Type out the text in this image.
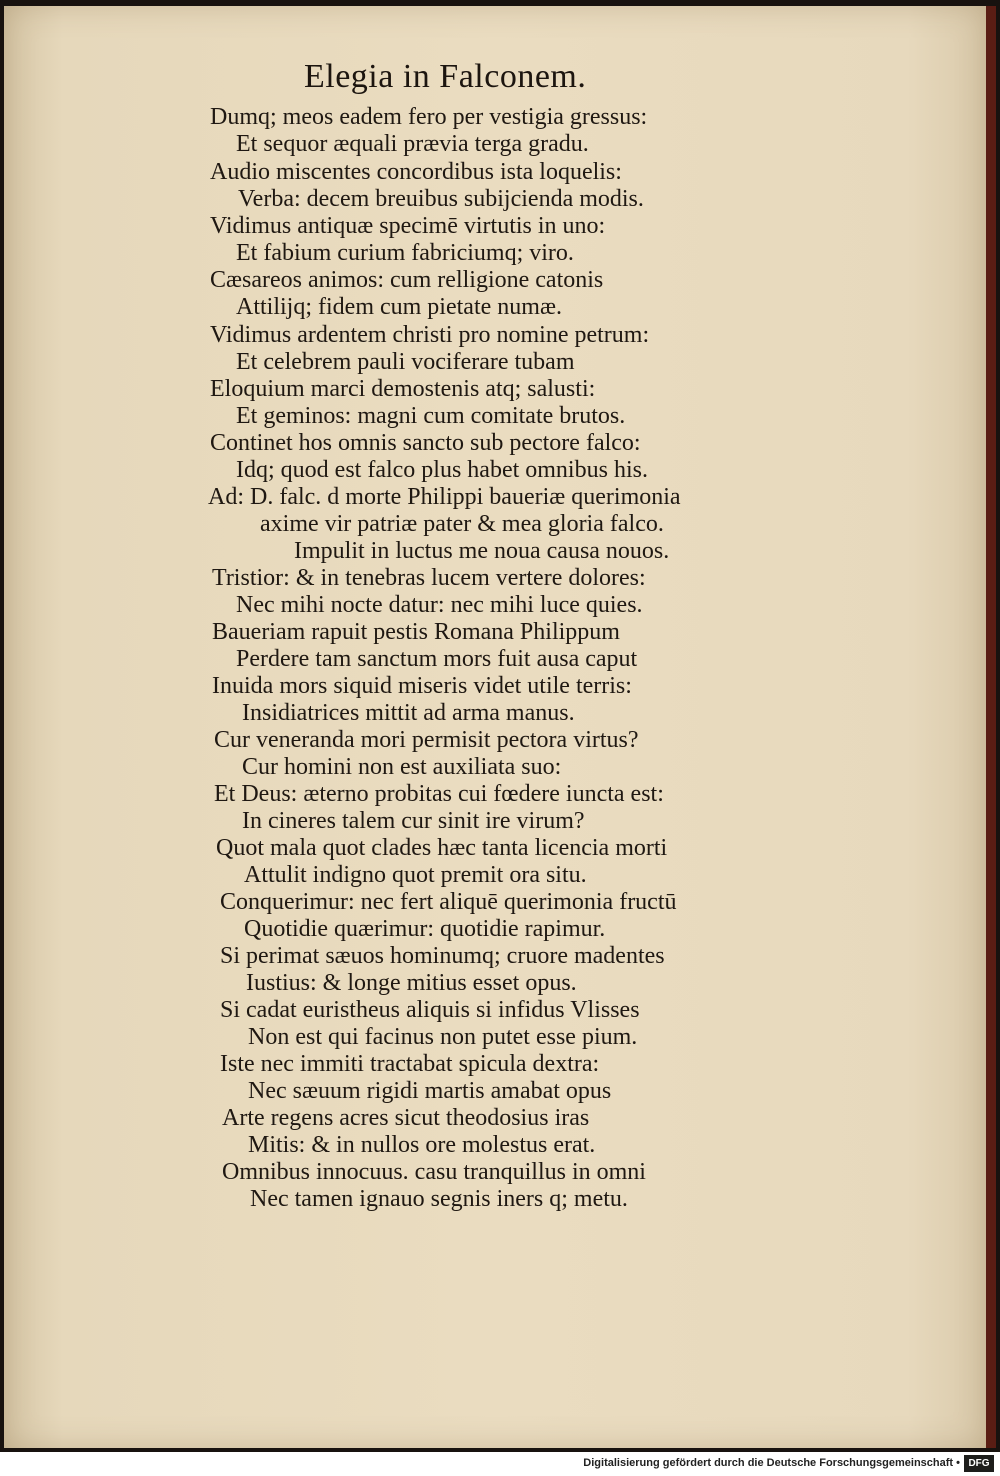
Elegia in Falconem.

Dumq; meos eadem fero per vestigia gressus:

Et sequor æquali prævia terga gradu.

Audio miscentes concordibus ista loquelis:

Verba: decem breuibus subijcienda modis.

Vidimus antiquæ specimē virtutis in uno:

Et fabium curium fabriciumq; viro.

Cæsareos animos: cum relligione catonis

Attilijq; fidem cum pietate numæ.

Vidimus ardentem christi pro nomine petrum:

Et celebrem pauli vociferare tubam

Eloquium marci demostenis atq; salusti:

Et geminos: magni cum comitate brutos.

Continet hos omnis sancto sub pectore falco:

Idq; quod est falco plus habet omnibus his.

Ad: D. falc. d morte Philippi baueriæ querimonia

axime vir patriæ pater & mea gloria falco.

Impulit in luctus me noua causa nouos.

Tristior: & in tenebras lucem vertere dolores:

Nec mihi nocte datur: nec mihi luce quies.

Baueriam rapuit pestis Romana Philippum

Perdere tam sanctum mors fuit ausa caput

Inuida mors siquid miseris videt utile terris:

Insidiatrices mittit ad arma manus.

Cur veneranda mori permisit pectora virtus?

Cur homini non est auxiliata suo:

Et Deus: æterno probitas cui fœdere iuncta est:

In cineres talem cur sinit ire virum?

Quot mala quot clades hæc tanta licencia morti

Attulit indigno quot premit ora situ.

Conquerimur: nec fert aliquē querimonia fructū

Quotidie quærimur: quotidie rapimur.

Si perimat sæuos hominumq; cruore madentes

Iustius: & longe mitius esset opus.

Si cadat euristheus aliquis si infidus Vlisses

Non est qui facinus non putet esse pium.

Iste nec immiti tractabat spicula dextra:

Nec sæuum rigidi martis amabat opus

Arte regens acres sicut theodosius iras

Mitis: & in nullos ore molestus erat.

Omnibus innocuus. casu tranquillus in omni

Nec tamen ignauo segnis iners q; metu.

Digitalisierung gefördert durch die Deutsche Forschungsgemeinschaft • DFG
